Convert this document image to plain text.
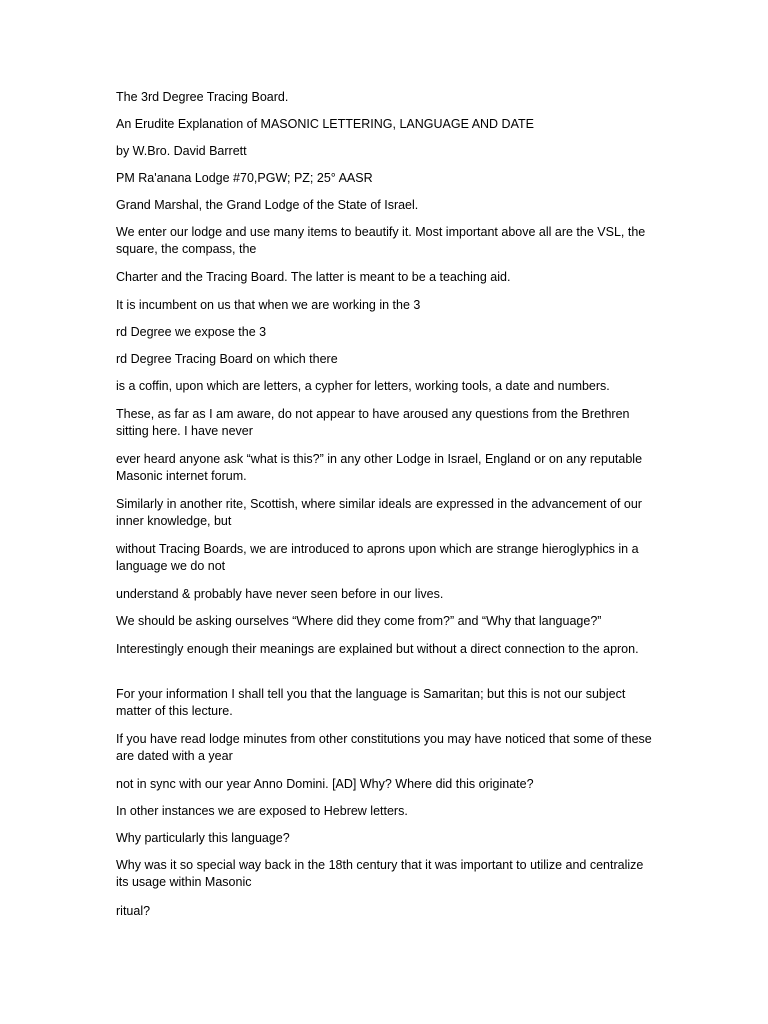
The 3rd Degree Tracing Board.

An Erudite Explanation of MASONIC LETTERING, LANGUAGE AND DATE

by W.Bro. David Barrett

PM Ra'anana Lodge #70,PGW; PZ; 25° AASR

Grand Marshal, the Grand Lodge of the State of Israel.

We enter our lodge and use many items to beautify it. Most important above all are the VSL, the square, the compass, the

Charter and the Tracing Board. The latter is meant to be a teaching aid.

It is incumbent on us that when we are working in the 3

rd Degree we expose the 3

rd Degree Tracing Board on which there

is a coffin, upon which are letters, a cypher for letters, working tools, a date and numbers.

These, as far as I am aware, do not appear to have aroused any questions from the Brethren sitting here. I have never

ever heard anyone ask “what is this?” in any other Lodge in Israel, England or on any reputable Masonic internet forum.

Similarly in another rite, Scottish, where similar ideals are expressed in the advancement of our inner knowledge, but

without Tracing Boards, we are introduced to aprons upon which are strange hieroglyphics in a language we do not

understand & probably have never seen before in our lives.

We should be asking ourselves “Where did they come from?” and “Why that language?”

Interestingly enough their meanings are explained but without a direct connection to the apron.

For your information I shall tell you that the language is Samaritan; but this is not our subject matter of this lecture.

If you have read lodge minutes from other constitutions you may have noticed that some of these are dated with a year

not in sync with our year Anno Domini. [AD] Why? Where did this originate?

In other instances we are exposed to Hebrew letters.

Why particularly this language?

Why was it so special way back in the 18th century that it was important to utilize and centralize its usage within Masonic

ritual?
